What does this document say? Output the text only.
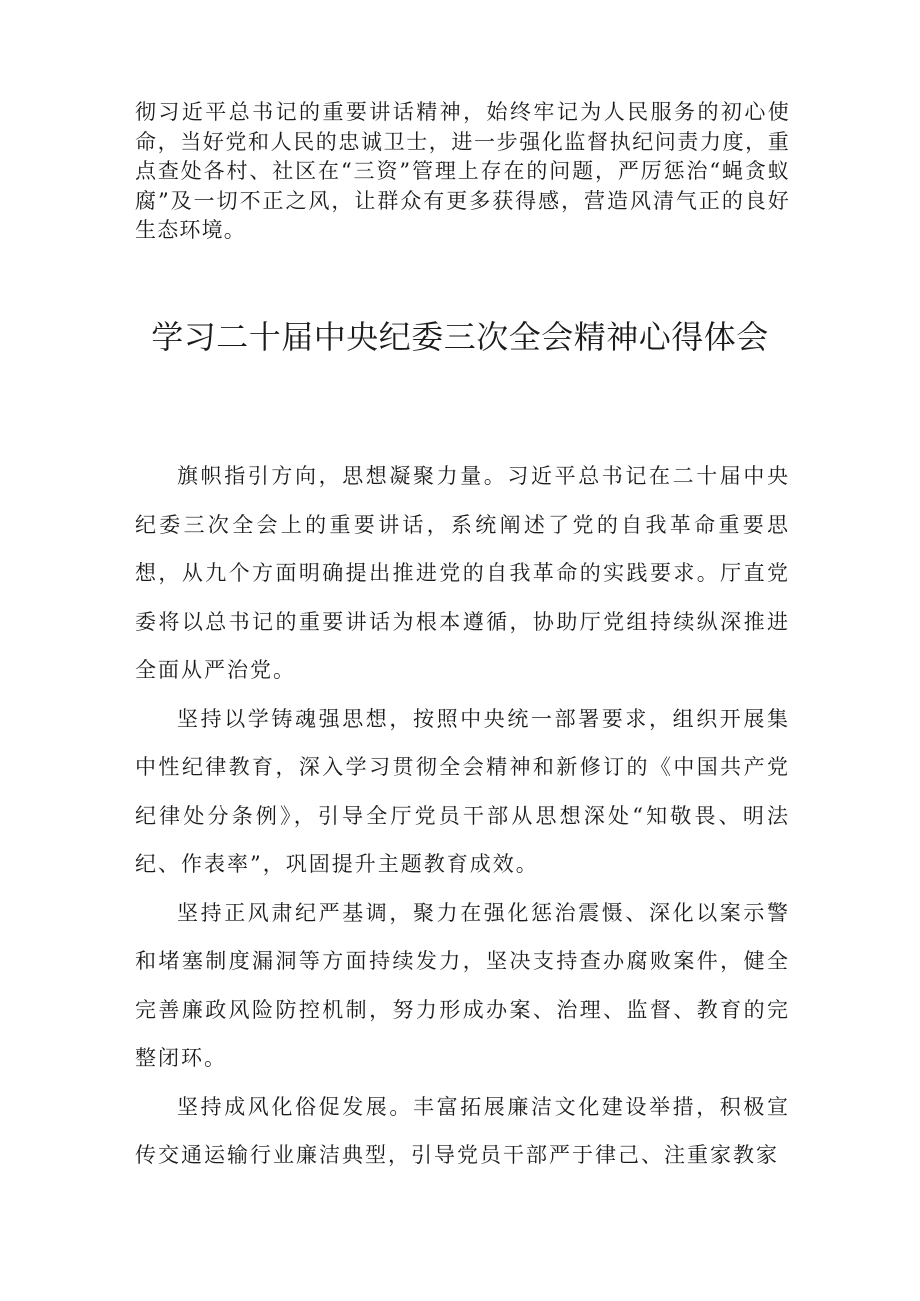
彻习近平总书记的重要讲话精神，始终牢记为人民服务的初心使命，当好党和人民的忠诚卫士，进一步强化监督执纪问责力度，重点查处各村、社区在“三资”管理上存在的问题，严厉惩治“蝇贪蚁腐”及一切不正之风，让群众有更多获得感，营造风清气正的良好生态环境。

学习二十届中央纪委三次全会精神心得体会

旗帜指引方向，思想凝聚力量。习近平总书记在二十届中央纪委三次全会上的重要讲话，系统阐述了党的自我革命重要思想，从九个方面明确提出推进党的自我革命的实践要求。厅直党委将以总书记的重要讲话为根本遵循，协助厅党组持续纵深推进全面从严治党。

坚持以学铸魂强思想，按照中央统一部署要求，组织开展集中性纪律教育，深入学习贯彻全会精神和新修订的《中国共产党纪律处分条例》，引导全厅党员干部从思想深处“知敬畏、明法纪、作表率”，巩固提升主题教育成效。

坚持正风肃纪严基调，聚力在强化惩治震慑、深化以案示警和堵塞制度漏洞等方面持续发力，坚决支持查办腐败案件，健全完善廉政风险防控机制，努力形成办案、治理、监督、教育的完整闭环。

坚持成风化俗促发展。丰富拓展廉洁文化建设举措，积极宣传交通运输行业廉洁典型，引导党员干部严于律己、注重家教家
